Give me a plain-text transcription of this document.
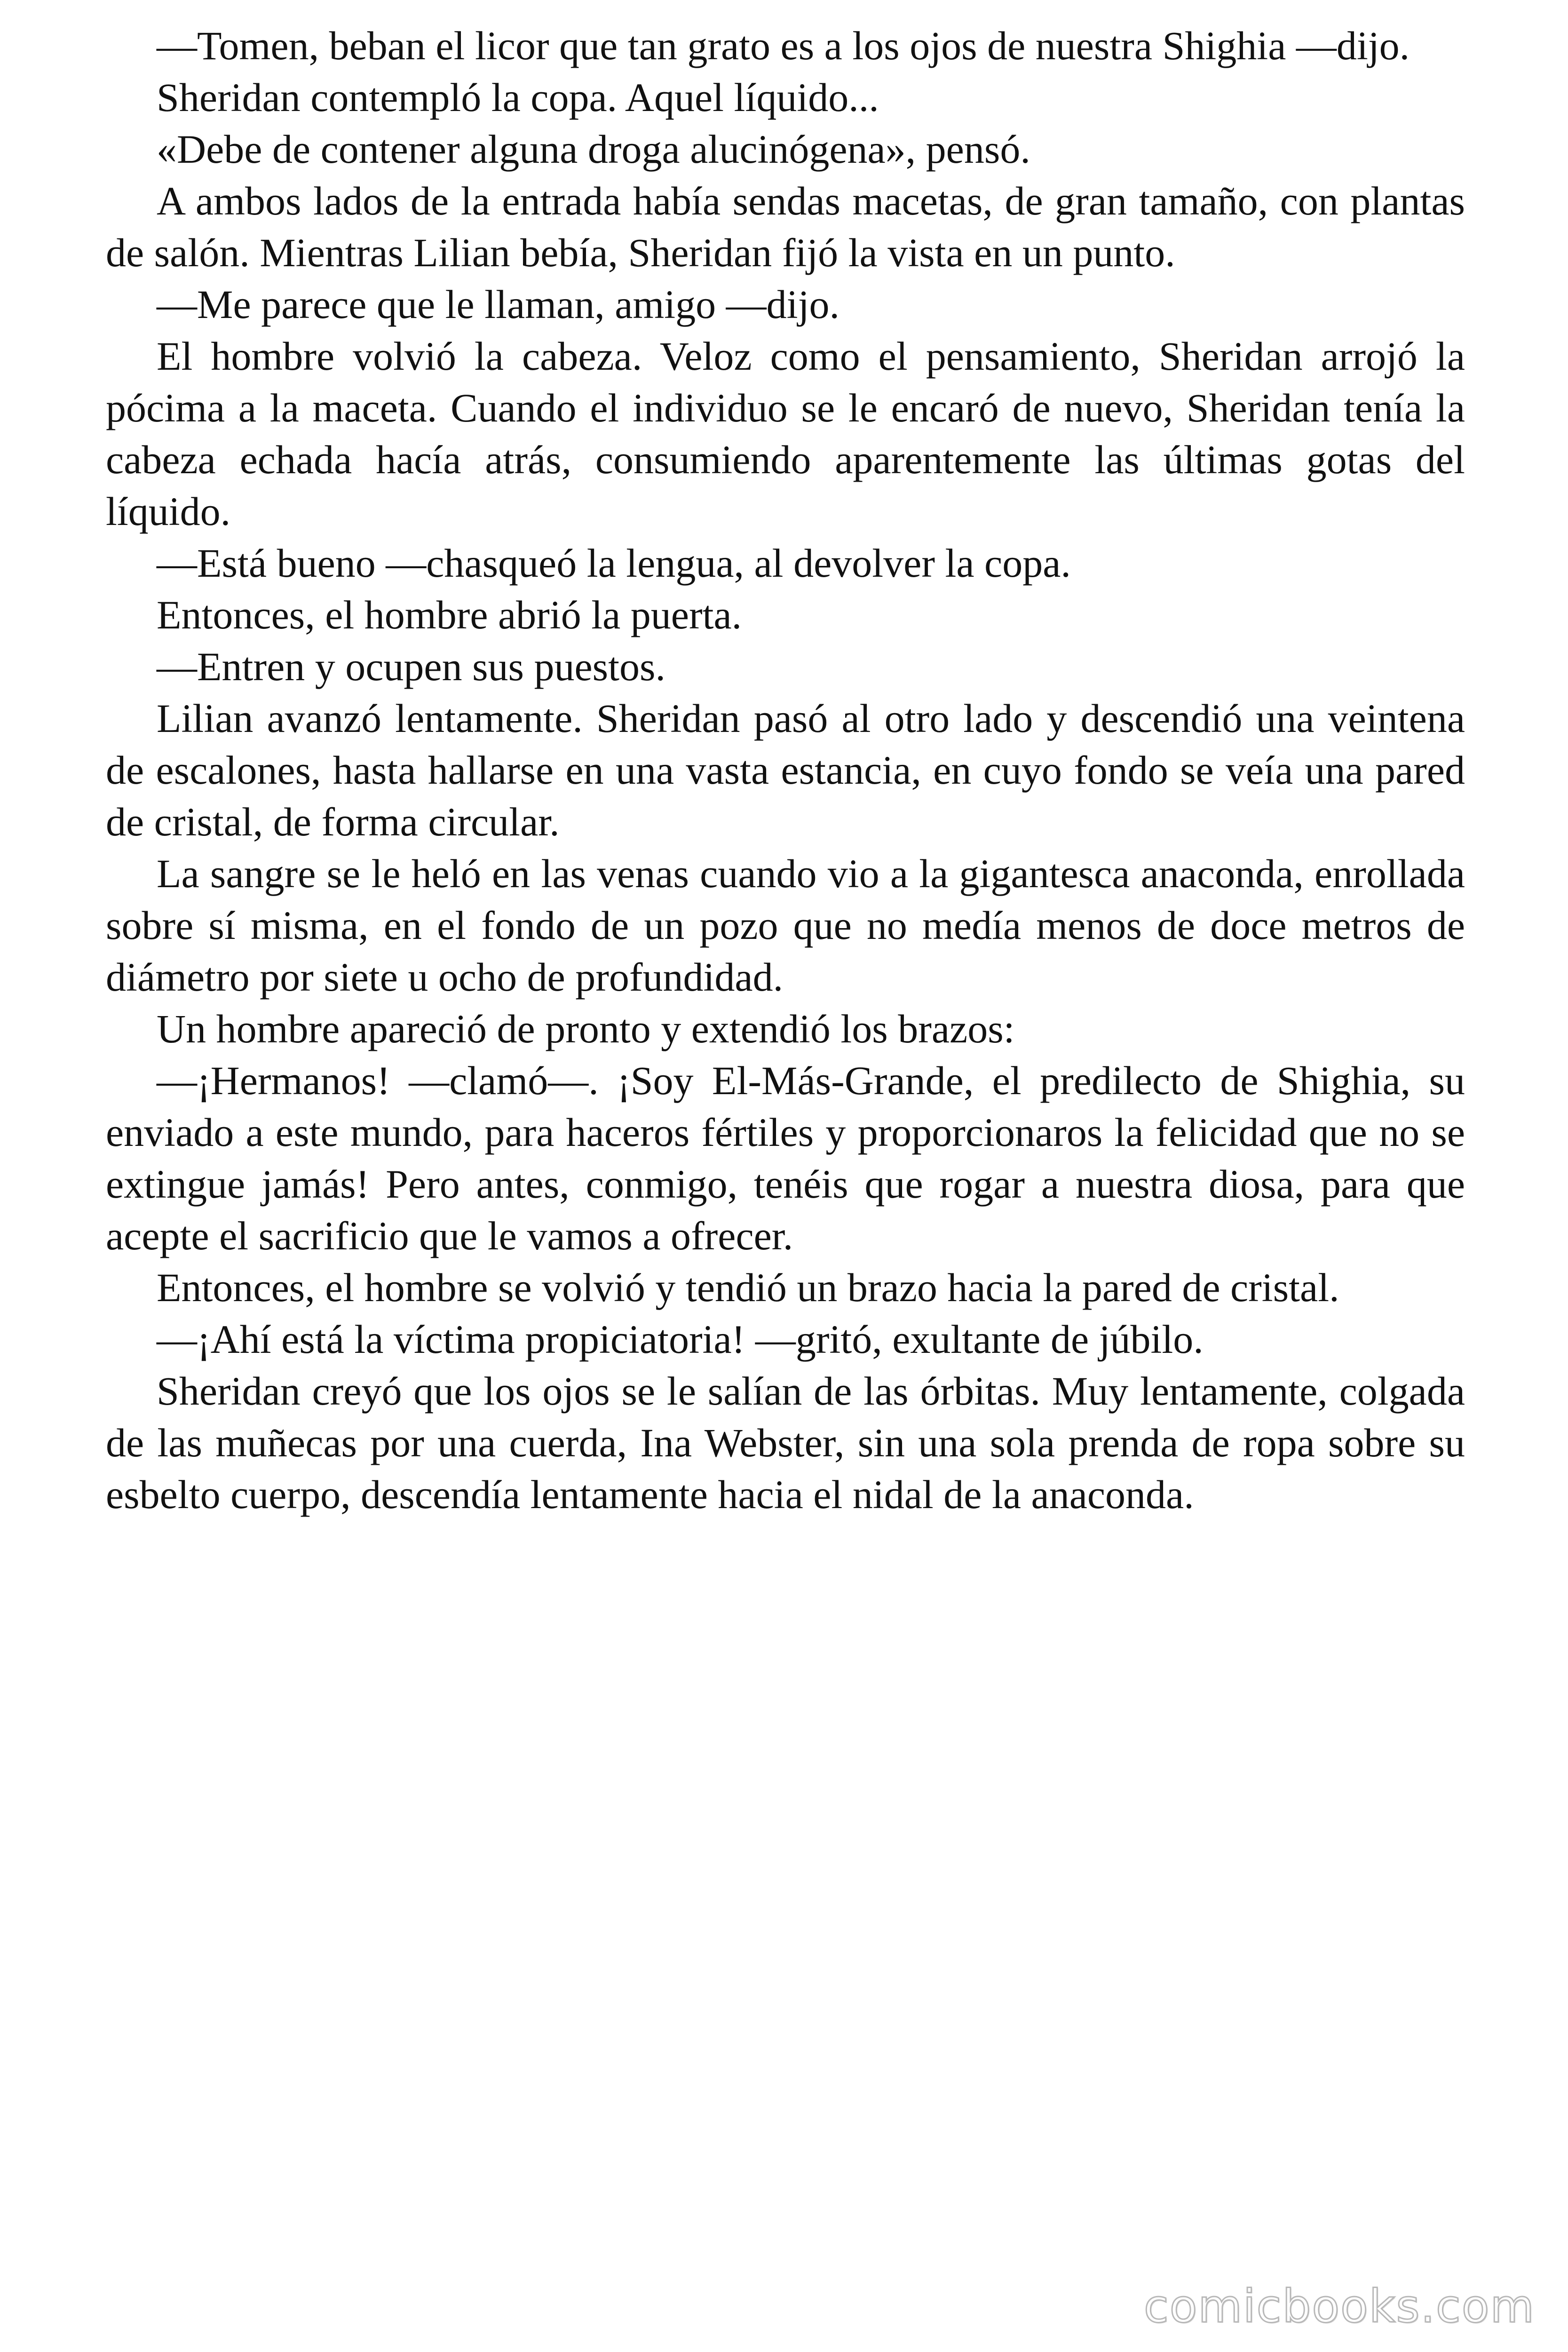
—Tomen, beban el licor que tan grato es a los ojos de nuestra Shighia —dijo.

Sheridan contempló la copa. Aquel líquido...

«Debe de contener alguna droga alucinógena», pensó.

A ambos lados de la entrada había sendas macetas, de gran tamaño, con plantas de salón. Mientras Lilian bebía, Sheridan fijó la vista en un punto.

—Me parece que le llaman, amigo —dijo.

El hombre volvió la cabeza. Veloz como el pensamiento, Sheridan arrojó la pócima a la maceta. Cuando el individuo se le encaró de nuevo, Sheridan tenía la cabeza echada hacía atrás, consumiendo aparentemente las últimas gotas del líquido.

—Está bueno —chasqueó la lengua, al devolver la copa.

Entonces, el hombre abrió la puerta.

—Entren y ocupen sus puestos.

Lilian avanzó lentamente. Sheridan pasó al otro lado y descendió una veintena de escalones, hasta hallarse en una vasta estancia, en cuyo fondo se veía una pared de cristal, de forma circular.

La sangre se le heló en las venas cuando vio a la gigantesca anaconda, enrollada sobre sí misma, en el fondo de un pozo que no medía menos de doce metros de diámetro por siete u ocho de profundidad.

Un hombre apareció de pronto y extendió los brazos:

—¡Hermanos! —clamó—. ¡Soy El-Más-Grande, el predilecto de Shighia, su enviado a este mundo, para haceros fértiles y proporcionaros la felicidad que no se extingue jamás! Pero antes, conmigo, tenéis que rogar a nuestra diosa, para que acepte el sacrificio que le vamos a ofrecer.

Entonces, el hombre se volvió y tendió un brazo hacia la pared de cristal.

—¡Ahí está la víctima propiciatoria! —gritó, exultante de júbilo.

Sheridan creyó que los ojos se le salían de las órbitas. Muy lentamente, colgada de las muñecas por una cuerda, Ina Webster, sin una sola prenda de ropa sobre su esbelto cuerpo, descendía lentamente hacia el nidal de la anaconda.

comicbooks.com
